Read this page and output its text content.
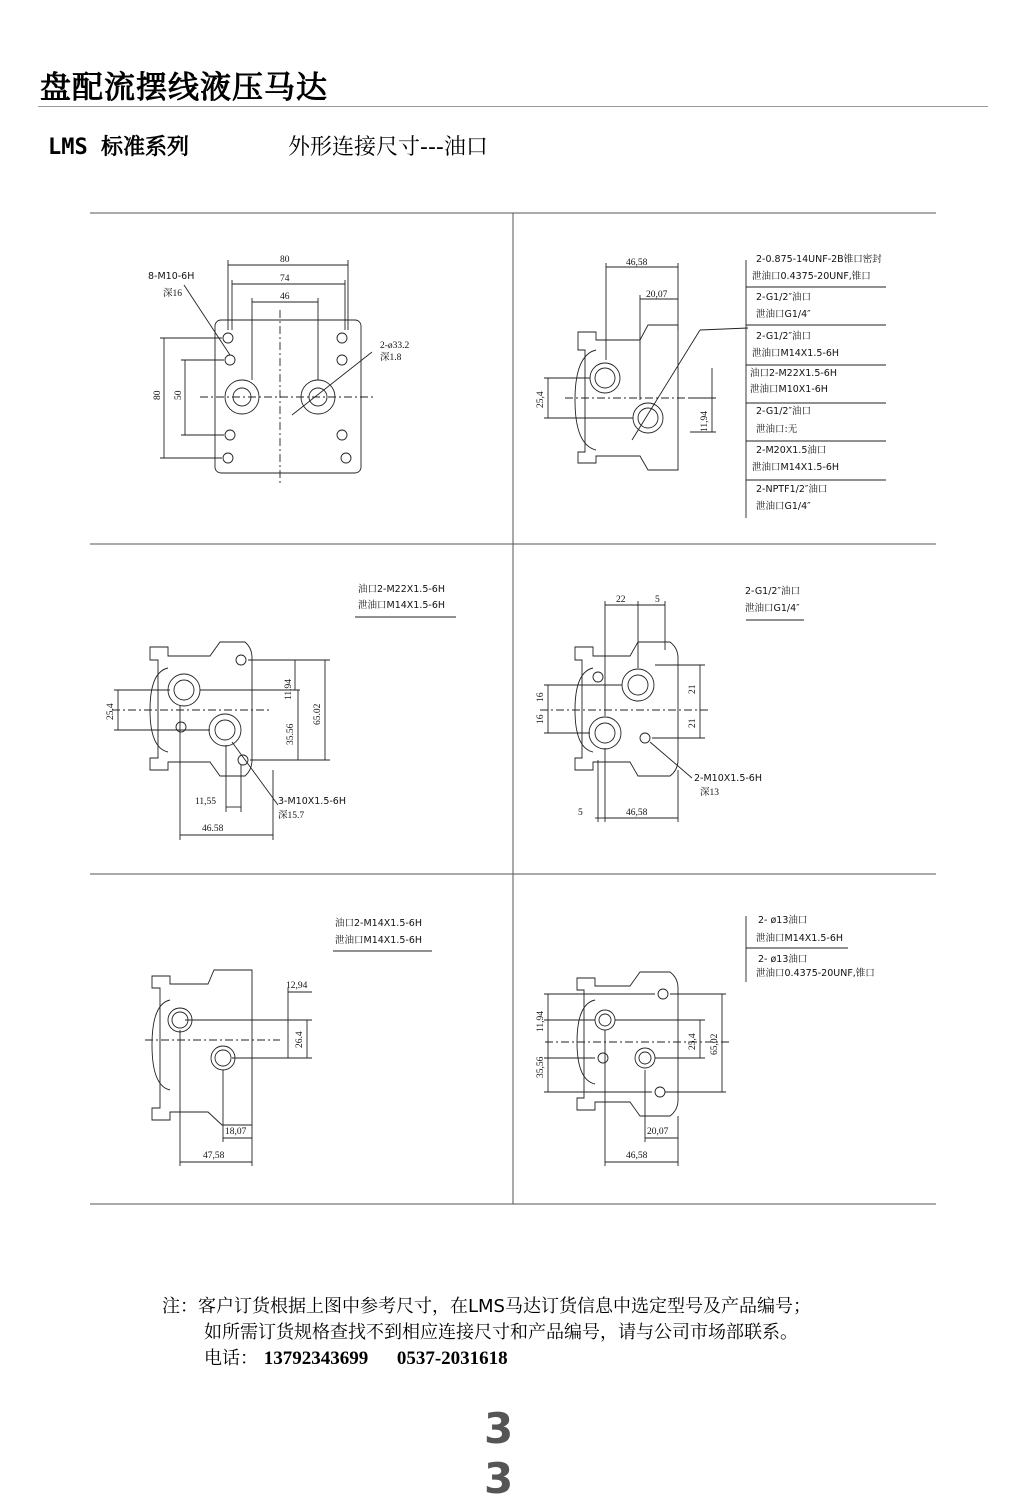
盘配流摆线液压马达
LMS 标准系列	外形连接尺寸---油口
80
74
46
80 50
8-M10-6H
深16
2-ø33.2
深1.8
46,58
20,07
25,4
11,94
2-0.875-14UNF-2B锥口密封
泄油口0.4375-20UNF,锥口
2-G1/2″油口
泄油口G1/4″
2-G1/2″油口
泄油口M14X1.5-6H
油口2-M22X1.5-6H
泄油口M10X1-6H
2-G1/2″油口
泄油口:无
2-M20X1.5油口
泄油口M14X1.5-6H
2-NPTF1/2″油口
泄油口G1/4″
油口2-M22X1.5-6H
泄油口M14X1.5-6H
25.4
11.94
65.02
35.56
11,55
46.58
3-M10X1.5-6H
深15.7
2-G1/2″油口
泄油口G1/4″
22	5
16
16
21
21
5	46,58
2-M10X1.5-6H
深13
油口2-M14X1.5-6H
泄油口M14X1.5-6H
12,94
26.4
18,07
47,58
2- ø13油口
泄油口M14X1.5-6H
2- ø13油口
泄油口0.4375-20UNF,锥口
11,94
35,56
25,4 65,02
20,07
46,58
注：客户订货根据上图中参考尺寸，在LMS马达订货信息中选定型号及产品编号；
如所需订货规格查找不到相应连接尺寸和产品编号，请与公司市场部联系。
电话： 13792343699 0537-2031618
3
3
